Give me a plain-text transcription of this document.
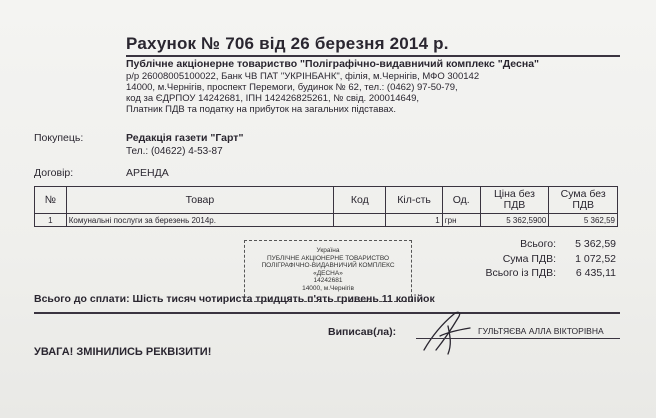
Рахунок № 706 від 26 березня 2014 р.
Публічне акціонерне товариство "Поліграфічно-видавничий комплекс "Десна"
р/р 26008005100022, Банк ЧВ ПАТ "УКРІНБАНК", філія, м.Чернігів, МФО 300142
14000, м.Чернігів, проспект Перемоги, будинок № 62, тел.: (0462) 97-50-79,
код за ЄДРПОУ 14242681, ІПН 142426825261, № свід. 200014649,
Платник ПДВ та податку на прибуток на загальних підставах.
Покупець:	Редакція газети "Гарт"
Тел.: (04622) 4-53-87
Договір:	АРЕНДА
№	Товар	Код	Кіл-сть	Од.	Ціна без ПДВ	Сума без ПДВ
1	Комунальні послуги за березень 2014р.		1	грн	5 362,5900	5 362,59
Всього: 5 362,59
Сума ПДВ: 1 072,52
Всього із ПДВ: 6 435,11
Україна
ПУБЛІЧНЕ АКЦІОНЕРНЕ ТОВАРИСТВО
ПОЛІГРАФІЧНО-ВИДАВНИЧИЙ КОМПЛЕКС
«ДЕСНА»
14242681
14000, м.Чернігів
Всього до сплати: Шість тисяч чотириста тридцять п'ять гривень 11 копійок
Виписав(ла):	ГУЛЬТЯЄВА АЛЛА ВІКТОРІВНА
УВАГА! ЗМІНИЛИСЬ РЕКВІЗИТИ!
